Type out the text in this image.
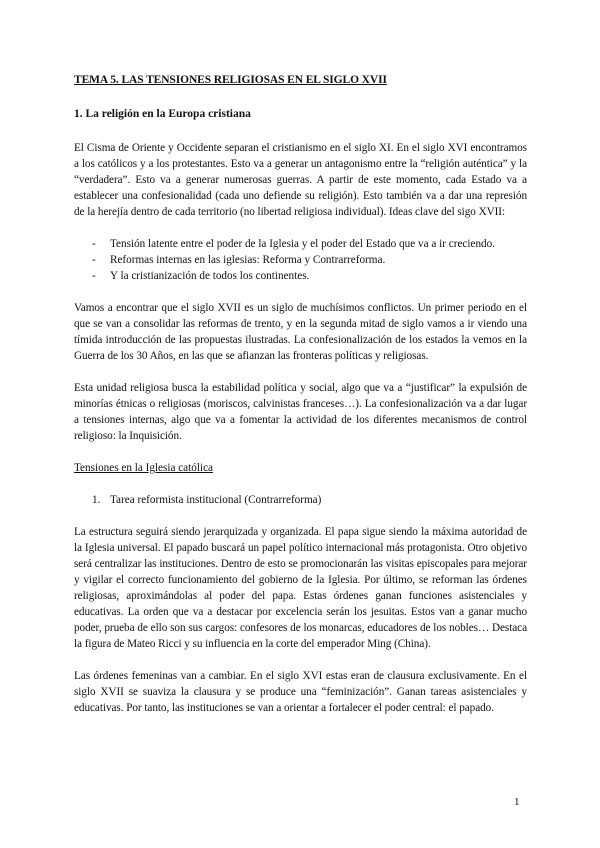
TEMA 5. LAS TENSIONES RELIGIOSAS EN EL SIGLO XVII
1. La religión en la Europa cristiana

El Cisma de Oriente y Occidente separan el cristianismo en el siglo XI. En el siglo XVI encontramos a los católicos y a los protestantes. Esto va a generar un antagonismo entre la “religión auténtica” y la “verdadera”. Esto va a generar numerosas guerras. A partir de este momento, cada Estado va a establecer una confesionalidad (cada uno defiende su religión). Esto también va a dar una represión de la herejía dentro de cada territorio (no libertad religiosa individual). Ideas clave del sigo XVII:

- Tensión latente entre el poder de la Iglesia y el poder del Estado que va a ir creciendo.
- Reformas internas en las iglesias: Reforma y Contrarreforma.
- Y la cristianización de todos los continentes.

Vamos a encontrar que el siglo XVII es un siglo de muchísimos conflictos. Un primer periodo en el que se van a consolidar las reformas de trento, y en la segunda mitad de siglo vamos a ir viendo una tímida introducción de las propuestas ilustradas. La confesionalización de los estados la vemos en la Guerra de los 30 Años, en las que se afianzan las fronteras políticas y religiosas.

Esta unidad religiosa busca la estabilidad política y social, algo que va a “justificar” la expulsión de minorías étnicas o religiosas (moriscos, calvinistas franceses…). La confesionalización va a dar lugar a tensiones internas, algo que va a fomentar la actividad de los diferentes mecanismos de control religioso: la Inquisición.

Tensiones en la Iglesia católica
1. Tarea reformista institucional (Contrarreforma)

La estructura seguirá siendo jerarquizada y organizada. El papa sigue siendo la máxima autoridad de la Iglesia universal. El papado buscará un papel político internacional más protagonista. Otro objetivo será centralizar las instituciones. Dentro de esto se promocionarán las visitas episcopales para mejorar y vigilar el correcto funcionamiento del gobierno de la Iglesia. Por último, se reforman las órdenes religiosas, aproximándolas al poder del papa. Estas órdenes ganan funciones asistenciales y educativas. La orden que va a destacar por excelencia serán los jesuitas. Estos van a ganar mucho poder, prueba de ello son sus cargos: confesores de los monarcas, educadores de los nobles… Destaca la figura de Mateo Ricci y su influencia en la corte del emperador Ming (China).

Las órdenes femeninas van a cambiar. En el siglo XVI estas eran de clausura exclusivamente. En el siglo XVII se suaviza la clausura y se produce una “feminización”. Ganan tareas asistenciales y educativas. Por tanto, las instituciones se van a orientar a fortalecer el poder central: el papado.

1
